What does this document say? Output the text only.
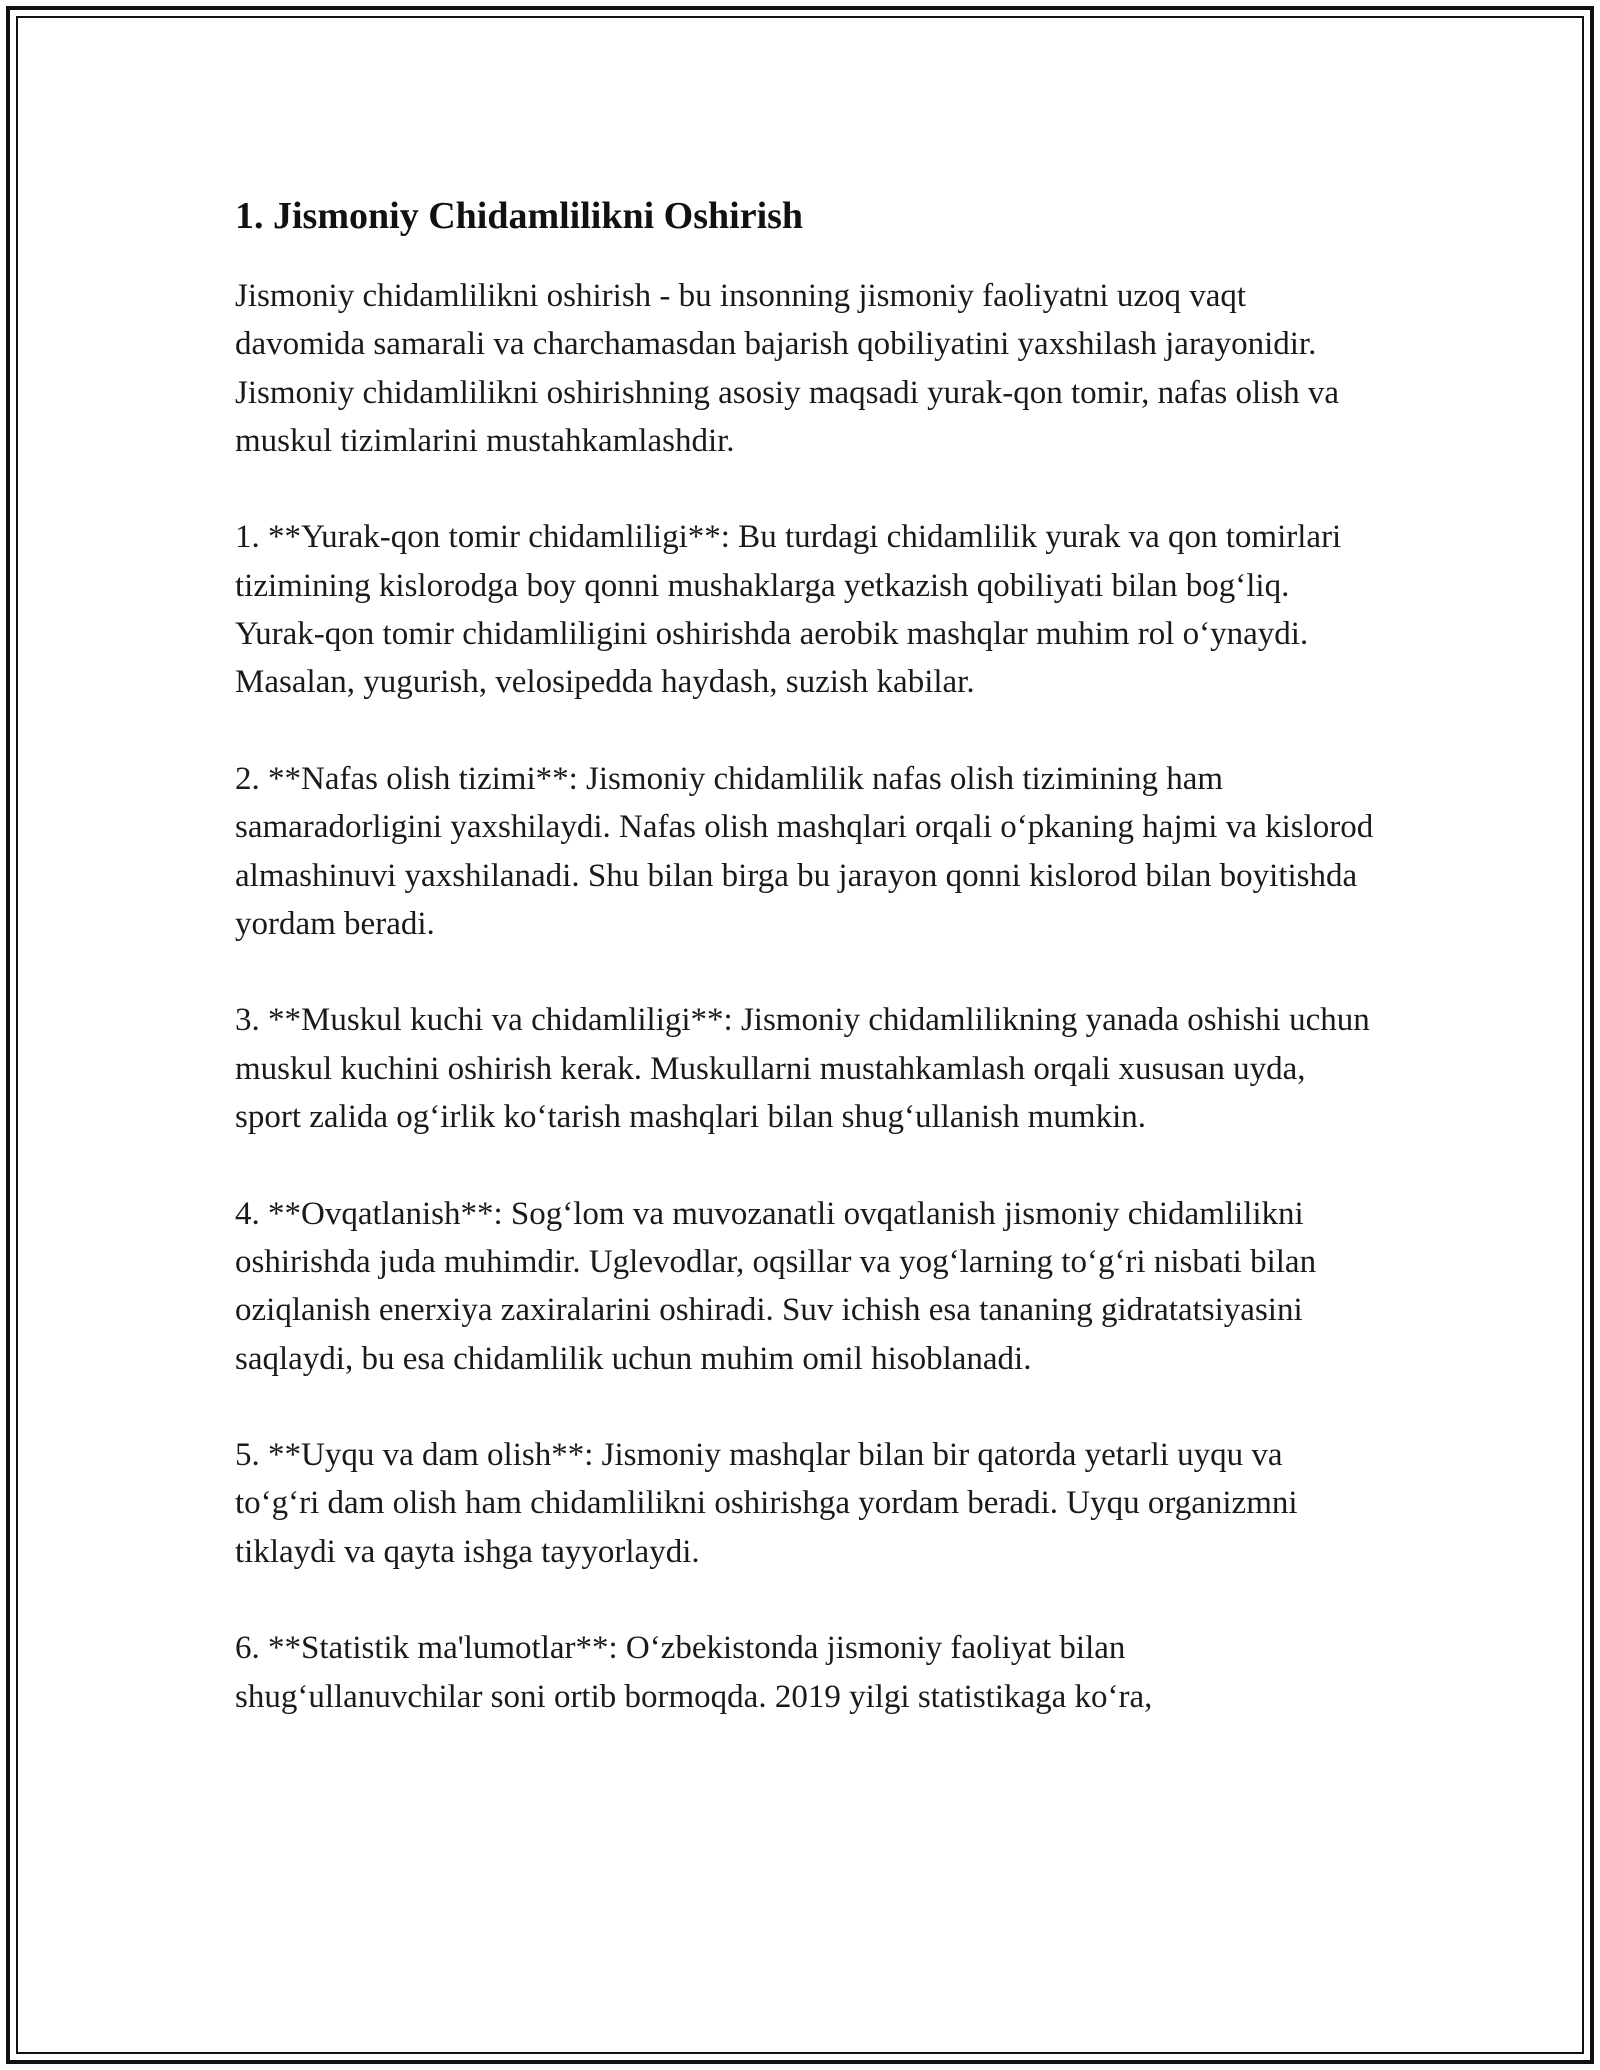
1. Jismoniy Chidamlilikni Oshirish

Jismoniy chidamlilikni oshirish - bu insonning jismoniy faoliyatni uzoq vaqt davomida samarali va charchamasdan bajarish qobiliyatini yaxshilash jarayonidir. Jismoniy chidamlilikni oshirishning asosiy maqsadi yurak-qon tomir, nafas olish va muskul tizimlarini mustahkamlashdir.

1. **Yurak-qon tomir chidamliligi**: Bu turdagi chidamlilik yurak va qon tomirlari tizimining kislorodga boy qonni mushaklarga yetkazish qobiliyati bilan bog‘liq. Yurak-qon tomir chidamliligini oshirishda aerobik mashqlar muhim rol o‘ynaydi. Masalan, yugurish, velosipedda haydash, suzish kabilar.

2. **Nafas olish tizimi**: Jismoniy chidamlilik nafas olish tizimining ham samaradorligini yaxshilaydi. Nafas olish mashqlari orqali o‘pkaning hajmi va kislorod almashinuvi yaxshilanadi. Shu bilan birga bu jarayon qonni kislorod bilan boyitishda yordam beradi.

3. **Muskul kuchi va chidamliligi**: Jismoniy chidamlilikning yanada oshishi uchun muskul kuchini oshirish kerak. Muskullarni mustahkamlash orqali xususan uyda, sport zalida og‘irlik ko‘tarish mashqlari bilan shug‘ullanish mumkin.

4. **Ovqatlanish**: Sog‘lom va muvozanatli ovqatlanish jismoniy chidamlilikni oshirishda juda muhimdir. Uglevodlar, oqsillar va yog‘larning to‘g‘ri nisbati bilan oziqlanish enerxiya zaxiralarini oshiradi. Suv ichish esa tananing gidratatsiyasini saqlaydi, bu esa chidamlilik uchun muhim omil hisoblanadi.

5. **Uyqu va dam olish**: Jismoniy mashqlar bilan bir qatorda yetarli uyqu va to‘g‘ri dam olish ham chidamlilikni oshirishga yordam beradi. Uyqu organizmni tiklaydi va qayta ishga tayyorlaydi.

6. **Statistik ma'lumotlar**: O‘zbekistonda jismoniy faoliyat bilan shug‘ullanuvchilar soni ortib bormoqda. 2019 yilgi statistikaga ko‘ra,
